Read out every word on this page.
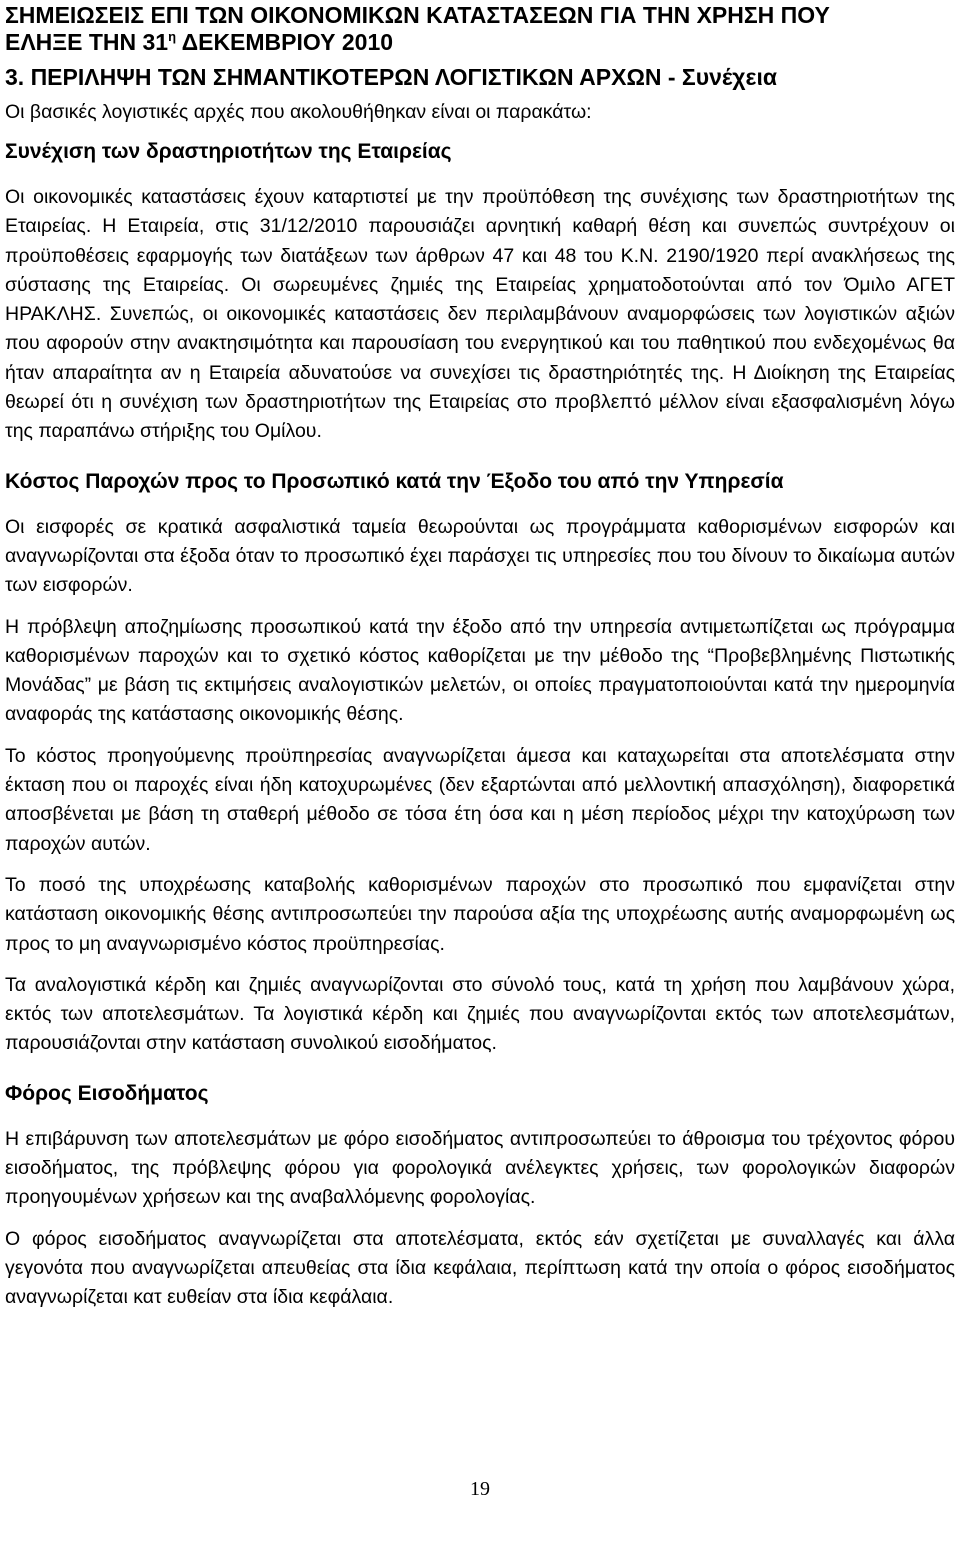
ΣΗΜΕΙΩΣΕΙΣ ΕΠΙ ΤΩΝ ΟΙΚΟΝΟΜΙΚΩΝ ΚΑΤΑΣΤΑΣΕΩΝ ΓΙΑ ΤΗΝ ΧΡΗΣΗ ΠΟΥ
ΕΛΗΞΕ ΤΗΝ $31^\eta$ ΔΕΚΕΜΒΡΙΟΥ 2010
3. ΠΕΡΙΛΗΨΗ ΤΩΝ ΣΗΜΑΝΤΙΚΟΤΕΡΩΝ ΛΟΓΙΣΤΙΚΩΝ ΑΡΧΩΝ - Συνέχεια
Οι βασικές λογιστικές αρχές που ακολουθήθηκαν είναι οι παρακάτω:
Συνέχιση των δραστηριοτήτων της Εταιρείας

Οι οικονομικές καταστάσεις έχουν καταρτιστεί με την προϋπόθεση της συνέχισης των δραστηριοτήτων της Εταιρείας. Η Εταιρεία, στις 31/12/2010 παρουσιάζει αρνητική καθαρή θέση και συνεπώς συντρέχουν οι προϋποθέσεις εφαρμογής των διατάξεων των άρθρων 47 και 48 του Κ.Ν. 2190/1920 περί ανακλήσεως της σύστασης της Εταιρείας. Οι σωρευμένες ζημιές της Εταιρείας χρηματοδοτούνται από τον Όμιλο ΑΓΕΤ ΗΡΑΚΛΗΣ. Συνεπώς, οι οικονομικές καταστάσεις δεν περιλαμβάνουν αναμορφώσεις των λογιστικών αξιών που αφορούν στην ανακτησιμότητα και παρουσίαση του ενεργητικού και του παθητικού που ενδεχομένως θα ήταν απαραίτητα αν η Εταιρεία αδυνατούσε να συνεχίσει τις δραστηριότητές της. Η Διοίκηση της Εταιρείας θεωρεί ότι η συνέχιση των δραστηριοτήτων της Εταιρείας στο προβλεπτό μέλλον είναι εξασφαλισμένη λόγω της παραπάνω στήριξης του Ομίλου.

Κόστος Παροχών προς το Προσωπικό κατά την Έξοδο του από την Υπηρεσία

Οι εισφορές σε κρατικά ασφαλιστικά ταμεία θεωρούνται ως προγράμματα καθορισμένων εισφορών και αναγνωρίζονται στα έξοδα όταν το προσωπικό έχει παράσχει τις υπηρεσίες που του δίνουν το δικαίωμα αυτών των εισφορών.

Η πρόβλεψη αποζημίωσης προσωπικού κατά την έξοδο από την υπηρεσία αντιμετωπίζεται ως πρόγραμμα καθορισμένων παροχών και το σχετικό κόστος καθορίζεται με την μέθοδο της “Προβεβλημένης Πιστωτικής Μονάδας” με βάση τις εκτιμήσεις αναλογιστικών μελετών, οι οποίες πραγματοποιούνται κατά την ημερομηνία αναφοράς της κατάστασης οικονομικής θέσης.

Το κόστος προηγούμενης προϋπηρεσίας αναγνωρίζεται άμεσα και καταχωρείται στα αποτελέσματα στην έκταση που οι παροχές είναι ήδη κατοχυρωμένες (δεν εξαρτώνται από μελλοντική απασχόληση), διαφορετικά αποσβένεται με βάση τη σταθερή μέθοδο σε τόσα έτη όσα και η μέση περίοδος μέχρι την κατοχύρωση των παροχών αυτών.

Το ποσό της υποχρέωσης καταβολής καθορισμένων παροχών στο προσωπικό που εμφανίζεται στην κατάσταση οικονομικής θέσης αντιπροσωπεύει την παρούσα αξία της υποχρέωσης αυτής αναμορφωμένη ως προς το μη αναγνωρισμένο κόστος προϋπηρεσίας.

Τα αναλογιστικά κέρδη και ζημιές αναγνωρίζονται στο σύνολό τους, κατά τη χρήση που λαμβάνουν χώρα, εκτός των αποτελεσμάτων. Τα λογιστικά κέρδη και ζημιές που αναγνωρίζονται εκτός των αποτελεσμάτων, παρουσιάζονται στην κατάσταση συνολικού εισοδήματος.

Φόρος Εισοδήματος

Η επιβάρυνση των αποτελεσμάτων με φόρο εισοδήματος αντιπροσωπεύει το άθροισμα του τρέχοντος φόρου εισοδήματος, της πρόβλεψης φόρου για φορολογικά ανέλεγκτες χρήσεις, των φορολογικών διαφορών προηγουμένων χρήσεων και της αναβαλλόμενης φορολογίας.

Ο φόρος εισοδήματος αναγνωρίζεται στα αποτελέσματα, εκτός εάν σχετίζεται με συναλλαγές και άλλα γεγονότα που αναγνωρίζεται απευθείας στα ίδια κεφάλαια, περίπτωση κατά την οποία ο φόρος εισοδήματος αναγνωρίζεται κατ ευθείαν στα ίδια κεφάλαια.

19
